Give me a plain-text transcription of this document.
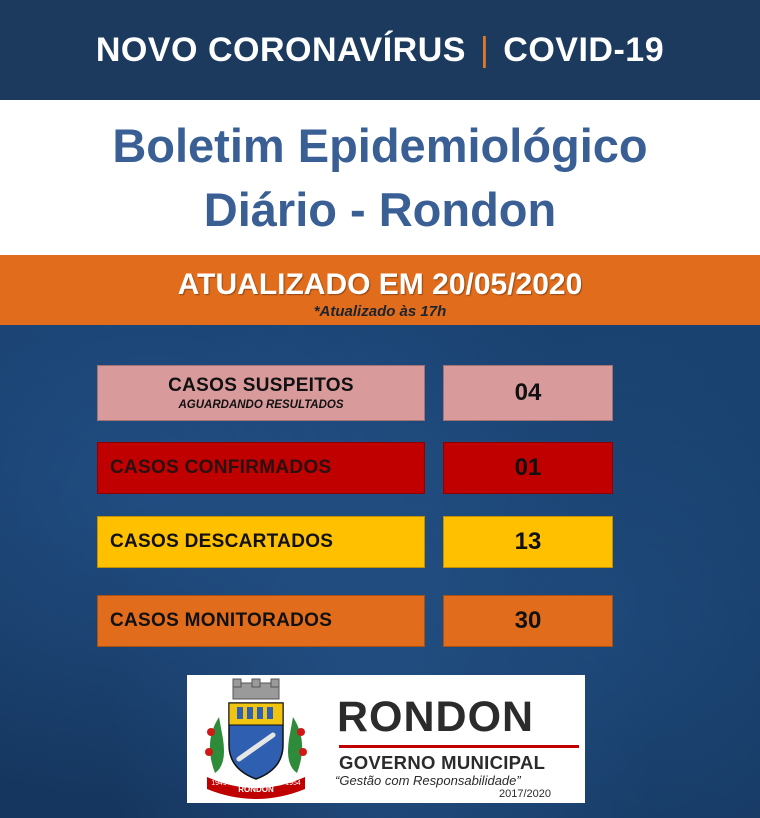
NOVO CORONAVÍRUS | COVID-19
Boletim Epidemiológico
Diário - Rondon
ATUALIZADO EM 20/05/2020
*Atualizado às 17h
CASOS SUSPEITOS
AGUARDANDO RESULTADOS	04
CASOS CONFIRMADOS	01
CASOS DESCARTADOS	13
CASOS MONITORADOS	30
RONDON
1949	1954
RONDON
GOVERNO MUNICIPAL
“Gestão com Responsabilidade”
2017/2020
